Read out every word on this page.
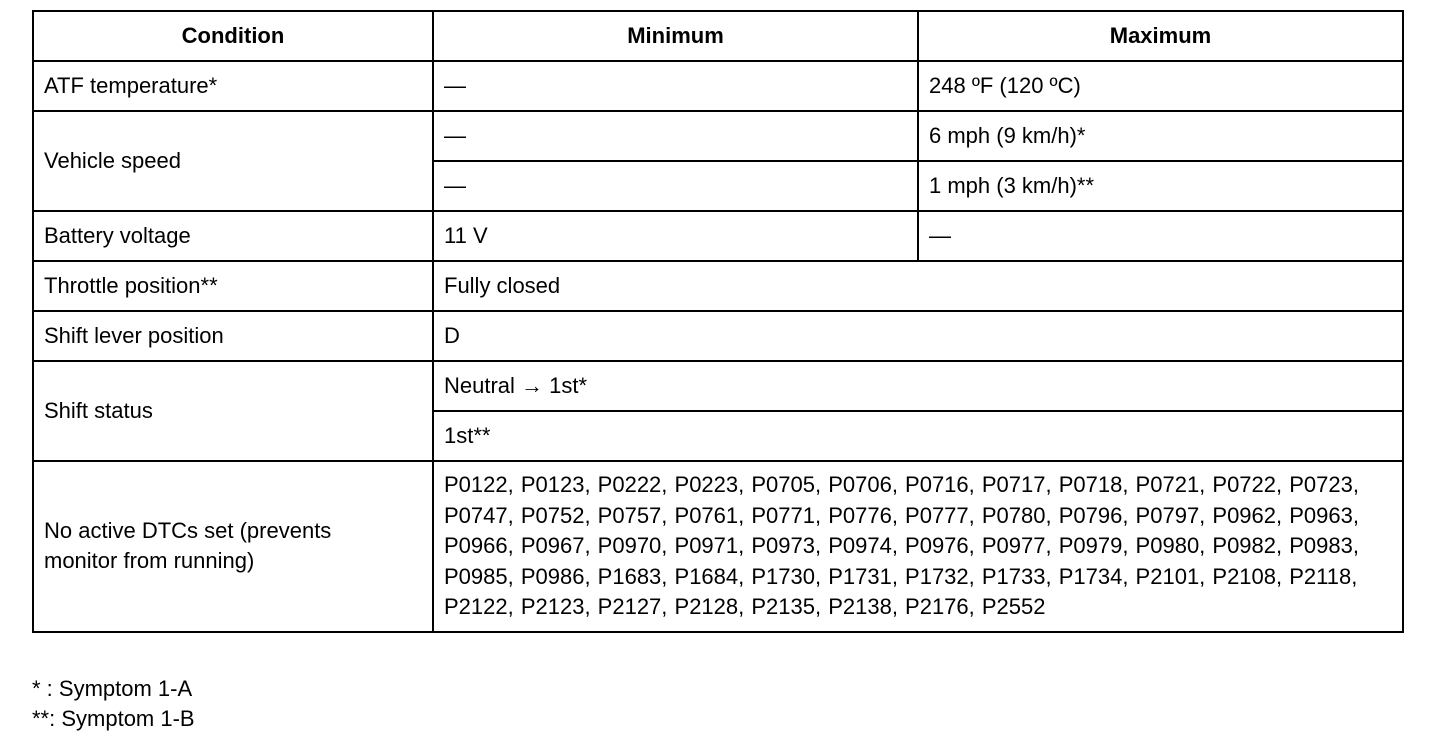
Condition	Minimum	Maximum
ATF temperature*	—	248 ºF (120 ºC)
Vehicle speed	—	6 mph (9 km/h)*
	—	1 mph (3 km/h)**
Battery voltage	11 V	—
Throttle position**	Fully closed	
Shift lever position	D	
Shift status	Neutral → 1st*	
	1st**	

No active DTCs set (prevents
monitor from running)	P0122, P0123, P0222, P0223, P0705, P0706, P0716, P0717, P0718, P0721, P0722, P0723, P0747, P0752, P0757, P0761, P0771, P0776, P0777, P0780, P0796, P0797, P0962, P0963, P0966, P0967, P0970, P0971, P0973, P0974, P0976, P0977, P0979, P0980, P0982, P0983, P0985, P0986, P1683, P1684, P1730, P1731, P1732, P1733, P1734, P2101, P2108, P2118, P2122, P2123, P2127, P2128, P2135, P2138, P2176, P2552	
* : Symptom 1-A
**: Symptom 1-B
